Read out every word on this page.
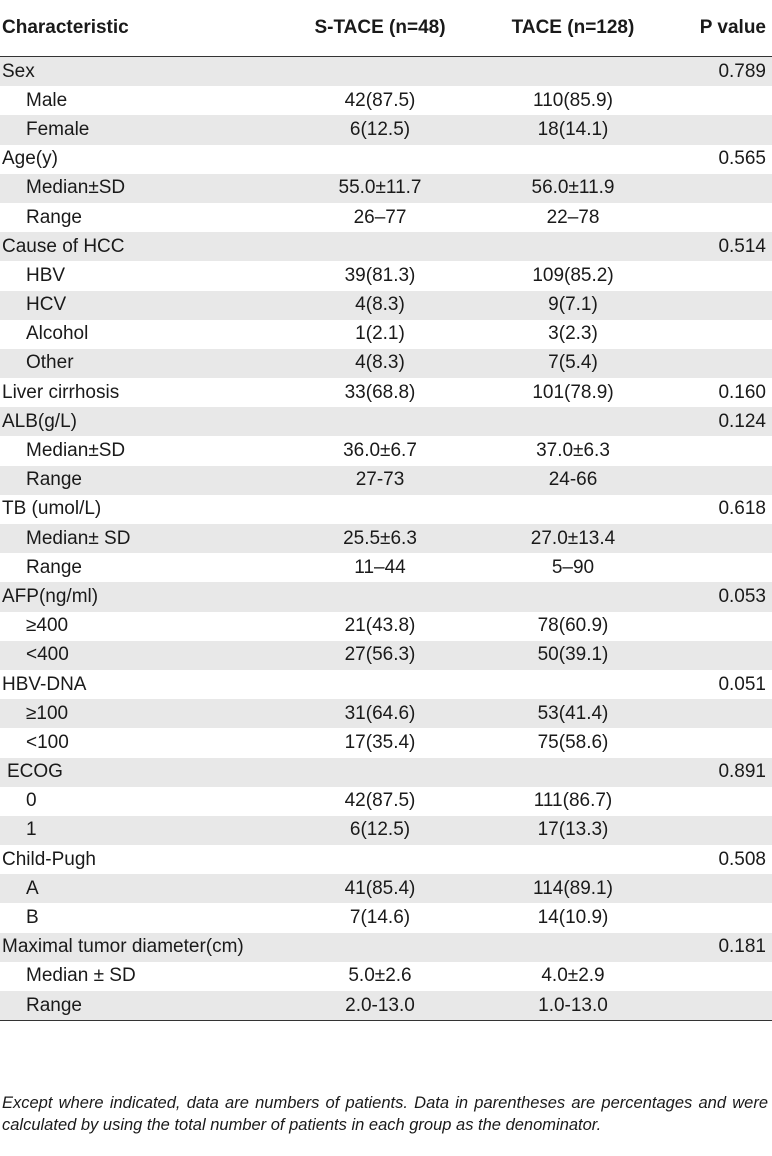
Characteristic	S-TACE (n=48)	TACE (n=128)	P value
Sex			0.789
Male	42(87.5)	110(85.9)	
Female	6(12.5)	18(14.1)	
Age(y)			0.565
Median±SD	55.0±11.7	56.0±11.9	
Range	26–77	22–78	
Cause of HCC			0.514
HBV	39(81.3)	109(85.2)	
HCV	4(8.3)	9(7.1)	
Alcohol	1(2.1)	3(2.3)	
Other	4(8.3)	7(5.4)	
Liver cirrhosis	33(68.8)	101(78.9)	0.160
ALB(g/L)			0.124
Median±SD	36.0±6.7	37.0±6.3	
Range	27-73	24-66	
TB (umol/L)			0.618
Median± SD	25.5±6.3	27.0±13.4	
Range	11–44	5–90	
AFP(ng/ml)			0.053
≥400	21(43.8)	78(60.9)	
<400	27(56.3)	50(39.1)	
HBV-DNA			0.051
≥100	31(64.6)	53(41.4)	
<100	17(35.4)	75(58.6)	
ECOG			0.891
0	42(87.5)	111(86.7)	
1	6(12.5)	17(13.3)	
Child-Pugh			0.508
A	41(85.4)	114(89.1)	
B	7(14.6)	14(10.9)	
Maximal tumor diameter(cm)			0.181
Median ± SD	5.0±2.6	4.0±2.9	
Range	2.0-13.0	1.0-13.0	

Except where indicated, data are numbers of patients. Data in parentheses are percentages and were calculated by using the total number of patients in each group as the denominator.
